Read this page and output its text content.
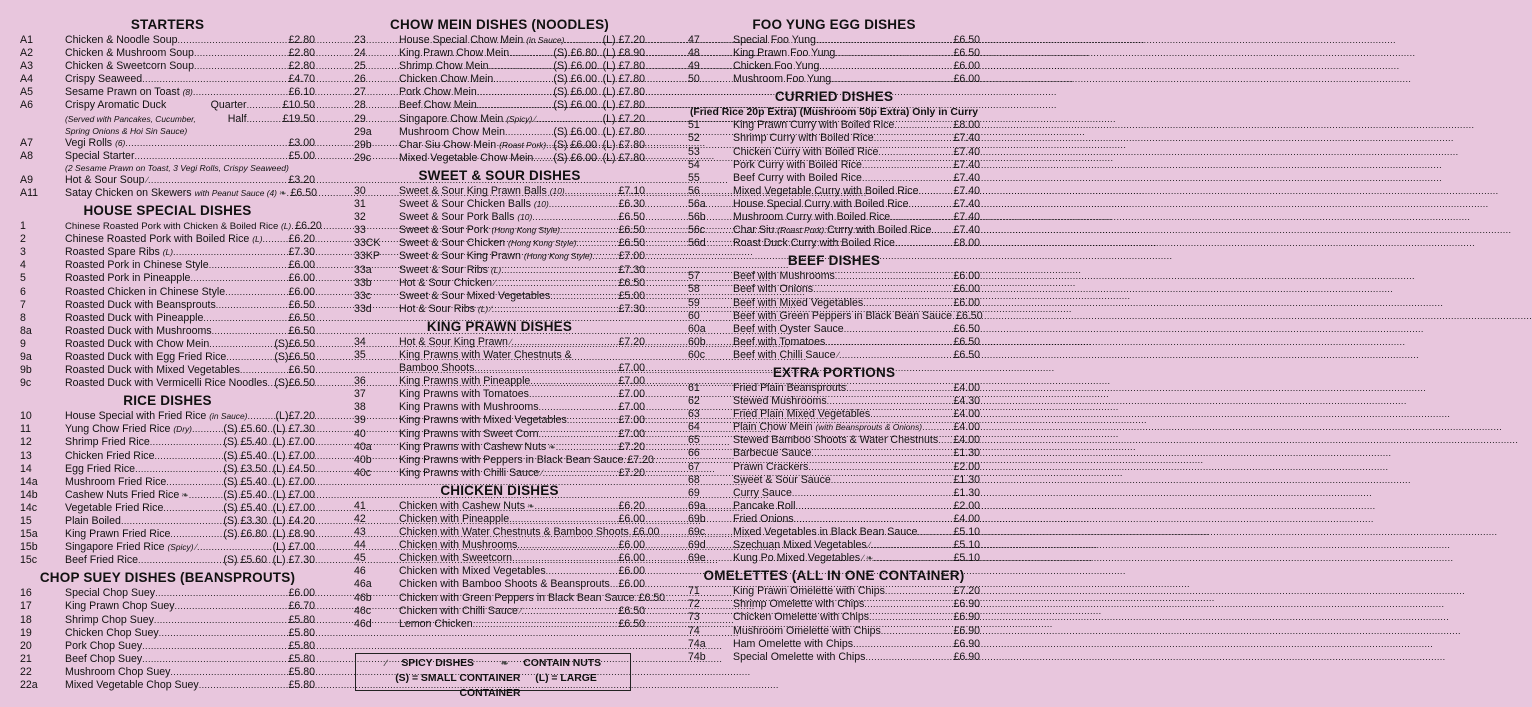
STARTERS
A1	Chicken & Noodle Soup .....	£2.80
A2	Chicken & Mushroom Soup .....	£2.80
A3	Chicken & Sweetcorn Soup .....	£2.80
A4	Crispy Seaweed .....	£4.70
A5	Sesame Prawn on Toast (8) .....	£6.10
A6	Crispy Aromatic Duck	Quarter .....	£10.50
(Served with Pancakes, Cucumber,	Half .....	£19.50
Spring Onions & Hoi Sin Sauce)
A7	Vegi Rolls (6) .....	£3.00
A8	Special Starter .....	£5.00
(2 Sesame Prawn on Toast, 3 Vegi Rolls, Crispy Seaweed)
A9	Hot & Sour Soup ∕ .....	£3.20
A11	Satay Chicken on Skewers with Peanut Sauce (4) ❧ ..... £6.50
HOUSE SPECIAL DISHES
1	Chinese Roasted Pork with Chicken & Boiled Rice (L) ..... £6.20
2	Chinese Roasted Pork with Boiled Rice (L) ..... £6.20
3	Roasted Spare Ribs (L) .....	£7.30
4	Roasted Pork in Chinese Style .....	£6.00
5	Roasted Pork in Pineapple .....	£6.00
6	Roasted Chicken in Chinese Style .....	£6.00
7	Roasted Duck with Beansprouts .....	£6.50
8	Roasted Duck with Pineapple .....	£6.50
8a	Roasted Duck with Mushrooms .....	£6.50
9	Roasted Duck with Chow Mein .....	(S) £6.50
9a	Roasted Duck with Egg Fried Rice .....	(S) £6.50
9b	Roasted Duck with Mixed Vegetables .....	£6.50
9c	Roasted Duck with Vermicelli Rice Noodles ..... (S) £6.50
RICE DISHES
10	House Special with Fried Rice (in Sauce) .....	(L) £7.20
11	Yung Chow Fried Rice (Dry) .....	(S) £5.60 (L) £7.30
12	Shrimp Fried Rice .....	(S) £5.40 (L) £7.00
13	Chicken Fried Rice .....	(S) £5.40 (L) £7.00
14	Egg Fried Rice .....	(S) £3.50 (L) £4.50
14a	Mushroom Fried Rice .....	(S) £5.40 (L) £7.00
14b	Cashew Nuts Fried Rice ❧ .....	(S) £5.40 (L) £7.00
14c	Vegetable Fried Rice .....	(S) £5.40 (L) £7.00
15	Plain Boiled .....	(S) £3.30 (L) £4.20
15a	King Prawn Fried Rice .....	(S) £6.80 (L) £8.90
15b	Singapore Fried Rice (Spicy) ∕ .....	(L) £7.00
15c	Beef Fried Rice .....	(S) £5.60 (L) £7.30
CHOP SUEY DISHES (BEANSPROUTS)
16	Special Chop Suey .....	£6.00
17	King Prawn Chop Suey .....	£6.70
18	Shrimp Chop Suey .....	£5.80
19	Chicken Chop Suey .....	£5.80
20	Pork Chop Suey .....	£5.80
21	Beef Chop Suey .....	£5.80
22	Mushroom Chop Suey .....	£5.80
22a	Mixed Vegetable Chop Suey .....	£5.80
CHOW MEIN DISHES (NOODLES)
23	House Special Chow Mein (in Sauce) .....	(L) £7.20
24	King Prawn Chow Mein .....	(S) £6.80 (L) £8.90
25	Shrimp Chow Mein .....	(S) £6.00 (L) £7.80
26	Chicken Chow Mein .....	(S) £6.00 (L) £7.80
27	Pork Chow Mein .....	(S) £6.00 (L) £7.80
28	Beef Chow Mein .....	(S) £6.00 (L) £7.80
29	Singapore Chow Mein (Spicy) ∕ .....	(L) £7.20
29a	Mushroom Chow Mein .....	(S) £6.00 (L) £7.80
29b	Char Siu Chow Mein (Roast Pork) ..... (S) £6.00 (L) £7.80
29c	Mixed Vegetable Chow Mein ..... (S) £6.00 (L) £7.80
SWEET & SOUR DISHES
30	Sweet & Sour King Prawn Balls (10) .....	£7.10
31	Sweet & Sour Chicken Balls (10) .....	£6.30
32	Sweet & Sour Pork Balls (10) .....	£6.50
33	Sweet & Sour Pork (Hong Kong Style) .....	£6.50
33CK	Sweet & Sour Chicken (Hong Kong Style) .....	£6.50
33KP	Sweet & Sour King Prawn (Hong Kong Style) ..... £7.00
33a	Sweet & Sour Ribs (L) .....	£7.30
33b	Hot & Sour Chicken ∕ .....	£6.50
33c	Sweet & Sour Mixed Vegetables .....	£5.00
33d	Hot & Sour Ribs (L) ∕ .....	£7.30
KING PRAWN DISHES
34	Hot & Sour King Prawn ∕ .....	£7.20
35	King Prawns with Water Chestnuts &
Bamboo Shoots .....	£7.00
36	King Prawns with Pineapple .....	£7.00
37	King Prawns with Tomatoes .....	£7.00
38	King Prawns with Mushrooms .....	£7.00
39	King Prawns with Mixed Vegetables .....	£7.00
40	King Prawns with Sweet Corn .....	£7.00
40a	King Prawns with Cashew Nuts ❧ .....	£7.20
40b	King Prawns with Peppers in Black Bean Sauce ..... £7.20
40c	King Prawns with Chilli Sauce ∕ .....	£7.20
CHICKEN DISHES
41	Chicken with Cashew Nuts ❧ .....	£6.20
42	Chicken with Pineapple .....	£6.00
43	Chicken with Water Chestnuts & Bamboo Shoots ..... £6.00
44	Chicken with Mushrooms .....	£6.00
45	Chicken with Sweetcorn .....	£6.00
46	Chicken with Mixed Vegetables .....	£6.00
46a	Chicken with Bamboo Shoots & Beansprouts ..... £6.00
46b	Chicken with Green Peppers in Black Bean Sauce ..... £6.50
46c	Chicken with Chilli Sauce ∕ .....	£6.50
46d	Lemon Chicken .....	£6.50
FOO YUNG EGG DISHES
47	Special Foo Yung .....	£6.50
48	King Prawn Foo Yung .....	£6.50
49	Chicken Foo Yung .....	£6.00
50	Mushroom Foo Yung .....	£6.00
CURRIED DISHES
(Fried Rice 20p Extra) (Mushroom 50p Extra) Only in Curry
51	King Prawn Curry with Boiled Rice .....	£8.00
52	Shrimp Curry with Boiled Rice .....	£7.40
53	Chicken Curry with Boiled Rice .....	£7.40
54	Pork Curry with Boiled Rice .....	£7.40
55	Beef Curry with Boiled Rice .....	£7.40
56	Mixed Vegetable Curry with Boiled Rice .....	£7.40
56a	House Special Curry with Boiled Rice .....	£7.40
56b	Mushroom Curry with Boiled Rice .....	£7.40
56c	Char Siu (Roast Pork) Curry with Boiled Rice ..... £7.40
56d	Roast Duck Curry with Boiled Rice .....	£8.00
BEEF DISHES
57	Beef with Mushrooms .....	£6.00
58	Beef with Onions .....	£6.00
59	Beef with Mixed Vegetables .....	£6.00
60	Beef with Green Peppers in Black Bean Sauce ..... £6.50
60a	Beef with Oyster Sauce .....	£6.50
60b	Beef with Tomatoes .....	£6.50
60c	Beef with Chilli Sauce ∕ .....	£6.50
EXTRA PORTIONS
61	Fried Plain Beansprouts .....	£4.00
62	Stewed Mushrooms .....	£4.30
63	Fried Plain Mixed Vegetables .....	£4.00
64	Plain Chow Mein (with Beansprouts & Onions) .....	£4.00
65	Stewed Bamboo Shoots & Water Chestnuts ..... £4.00
66	Barbecue Sauce .....	£1.30
67	Prawn Crackers .....	£2.00
68	Sweet & Sour Sauce .....	£1.30
69	Curry Sauce .....	£1.30
69a	Pancake Roll .....	£2.00
69b	Fried Onions .....	£4.00
69c	Mixed Vegetables in Black Bean Sauce .....	£5.10
69d	Szechuan Mixed Vegetables ∕ .....	£5.10
69e	Kung Po Mixed Vegetables ∕ ❧ .....	£5.10
OMELETTES (ALL IN ONE CONTAINER)
71	King Prawn Omelette with Chips .....	£7.20
72	Shrimp Omelette with Chips .....	£6.90
73	Chicken Omelette with Chips .....	£6.90
74	Mushroom Omelette with Chips .....	£6.90
74a	Ham Omelette with Chips .....	£6.90
74b	Special Omelette with Chips .....	£6.90
∕ SPICY DISHES	❧ CONTAIN NUTS
(S) = SMALL CONTAINER (L) = LARGE CONTAINER
